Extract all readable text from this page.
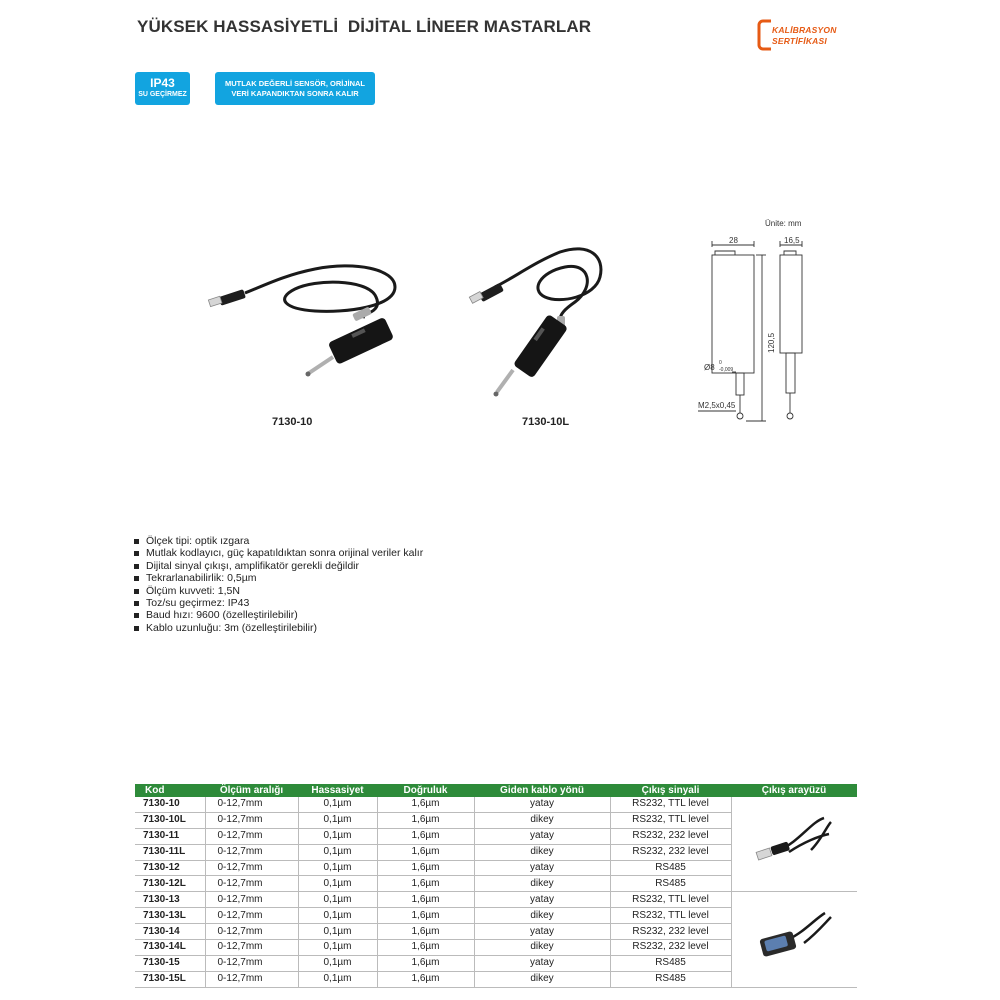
YÜKSEK HASSASİYETLİ  DİJİTAL LİNEER MASTARLAR	KALİBRASYON
SERTİFİKASI
IP43
SU GEÇİRMEZ
MUTLAK DEĞERLİ SENSÖR, ORİJİNAL
VERİ KAPANDIKTAN SONRA KALIR
7130-10	7130-10L
Ünite: mm
28	16,5
120,5
Ø8 0
-0,009
M2,5x0,45
Ölçek tipi: optik ızgara
Mutlak kodlayıcı, güç kapatıldıktan sonra orijinal veriler kalır
Dijital sinyal çıkışı, amplifikatör gerekli değildir
Tekrarlanabilirlik: 0,5µm
Ölçüm kuvveti: 1,5N
Toz/su geçirmez: IP43
Baud hızı: 9600 (özelleştirilebilir)
Kablo uzunluğu: 3m (özelleştirilebilir)
Kod	Ölçüm aralığı	Hassasiyet	Doğruluk	Giden kablo yönü	Çıkış sinyali	Çıkış arayüzü
7130-10	0-12,7mm	0,1µm	1,6µm	yatay	RS232, TTL level	
7130-10L	0-12,7mm	0,1µm	1,6µm	dikey	RS232, TTL level	
7130-11	0-12,7mm	0,1µm	1,6µm	yatay	RS232, 232 level	
7130-11L	0-12,7mm	0,1µm	1,6µm	dikey	RS232, 232 level	
7130-12	0-12,7mm	0,1µm	1,6µm	yatay	RS485	
7130-12L	0-12,7mm	0,1µm	1,6µm	dikey	RS485	
7130-13	0-12,7mm	0,1µm	1,6µm	yatay	RS232, TTL level	
7130-13L	0-12,7mm	0,1µm	1,6µm	dikey	RS232, TTL level	
7130-14	0-12,7mm	0,1µm	1,6µm	yatay	RS232, 232 level	
7130-14L	0-12,7mm	0,1µm	1,6µm	dikey	RS232, 232 level	
7130-15	0-12,7mm	0,1µm	1,6µm	yatay	RS485	
7130-15L	0-12,7mm	0,1µm	1,6µm	dikey	RS485	
